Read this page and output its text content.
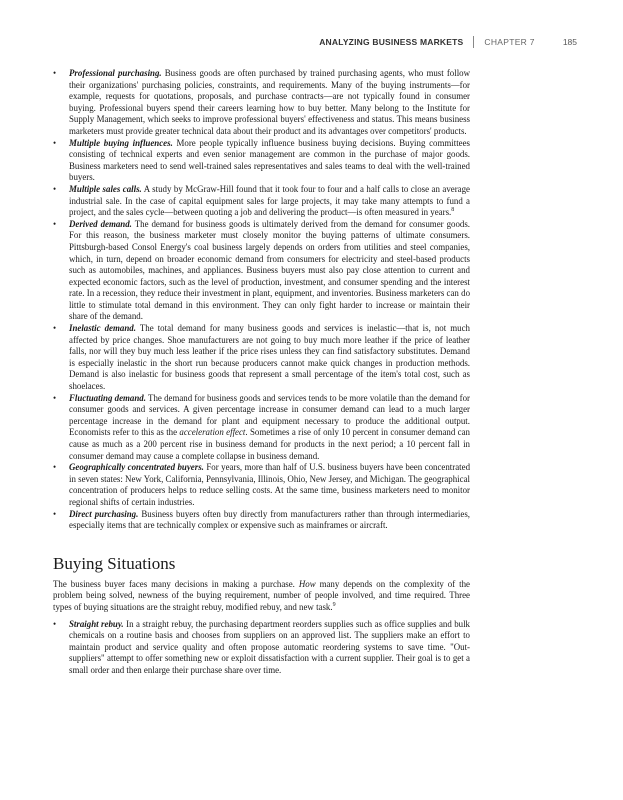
ANALYZING BUSINESS MARKETS CHAPTER 7	185
• Professional purchasing. Business goods are often purchased by trained purchasing agents, who must follow their organizations' purchasing policies, constraints, and requirements. Many of the buying instruments—for example, requests for quotations, proposals, and purchase contracts—are not typically found in consumer buying. Professional buyers spend their careers learning how to buy better. Many belong to the Institute for Supply Management, which seeks to improve professional buyers' effectiveness and status. This means business marketers must provide greater technical data about their product and its advantages over competitors' products.
• Multiple buying influences. More people typically influence business buying decisions. Buying committees consisting of technical experts and even senior management are common in the purchase of major goods. Business marketers need to send well-trained sales representatives and sales teams to deal with the well-trained buyers.
• Multiple sales calls. A study by McGraw-Hill found that it took four to four and a half calls to close an average industrial sale. In the case of capital equipment sales for large projects, it may take many attempts to fund a project, and the sales cycle—between quoting a job and delivering the product—is often measured in years.$^8$
• Derived demand. The demand for business goods is ultimately derived from the demand for consumer goods. For this reason, the business marketer must closely monitor the buying patterns of ultimate consumers. Pittsburgh-based Consol Energy's coal business largely depends on orders from utilities and steel companies, which, in turn, depend on broader economic demand from consumers for electricity and steel-based products such as automobiles, machines, and appliances. Business buyers must also pay close attention to current and expected economic factors, such as the level of production, investment, and consumer spending and the interest rate. In a recession, they reduce their investment in plant, equipment, and inventories. Business marketers can do little to stimulate total demand in this environment. They can only fight harder to increase or maintain their share of the demand.
• Inelastic demand. The total demand for many business goods and services is inelastic—that is, not much affected by price changes. Shoe manufacturers are not going to buy much more leather if the price of leather falls, nor will they buy much less leather if the price rises unless they can find satisfactory substitutes. Demand is especially inelastic in the short run because producers cannot make quick changes in production methods. Demand is also inelastic for business goods that represent a small percentage of the item's total cost, such as shoelaces.
• Fluctuating demand. The demand for business goods and services tends to be more volatile than the demand for consumer goods and services. A given percentage increase in consumer demand can lead to a much larger percentage increase in the demand for plant and equipment necessary to produce the additional output. Economists refer to this as the acceleration effect. Sometimes a rise of only 10 percent in consumer demand can cause as much as a 200 percent rise in business demand for products in the next period; a 10 percent fall in consumer demand may cause a complete collapse in business demand.
• Geographically concentrated buyers. For years, more than half of U.S. business buyers have been concentrated in seven states: New York, California, Pennsylvania, Illinois, Ohio, New Jersey, and Michigan. The geographical concentration of producers helps to reduce selling costs. At the same time, business marketers need to monitor regional shifts of certain industries.
• Direct purchasing. Business buyers often buy directly from manufacturers rather than through intermediaries, especially items that are technically complex or expensive such as mainframes or aircraft.
Buying Situations

The business buyer faces many decisions in making a purchase. How many depends on the complexity of the problem being solved, newness of the buying requirement, number of people involved, and time required. Three types of buying situations are the straight rebuy, modified rebuy, and new task.$^9$

• Straight rebuy. In a straight rebuy, the purchasing department reorders supplies such as office supplies and bulk chemicals on a routine basis and chooses from suppliers on an approved list. The suppliers make an effort to maintain product and service quality and often propose automatic reordering systems to save time. "Out-suppliers" attempt to offer something new or exploit dissatisfaction with a current supplier. Their goal is to get a small order and then enlarge their purchase share over time.
